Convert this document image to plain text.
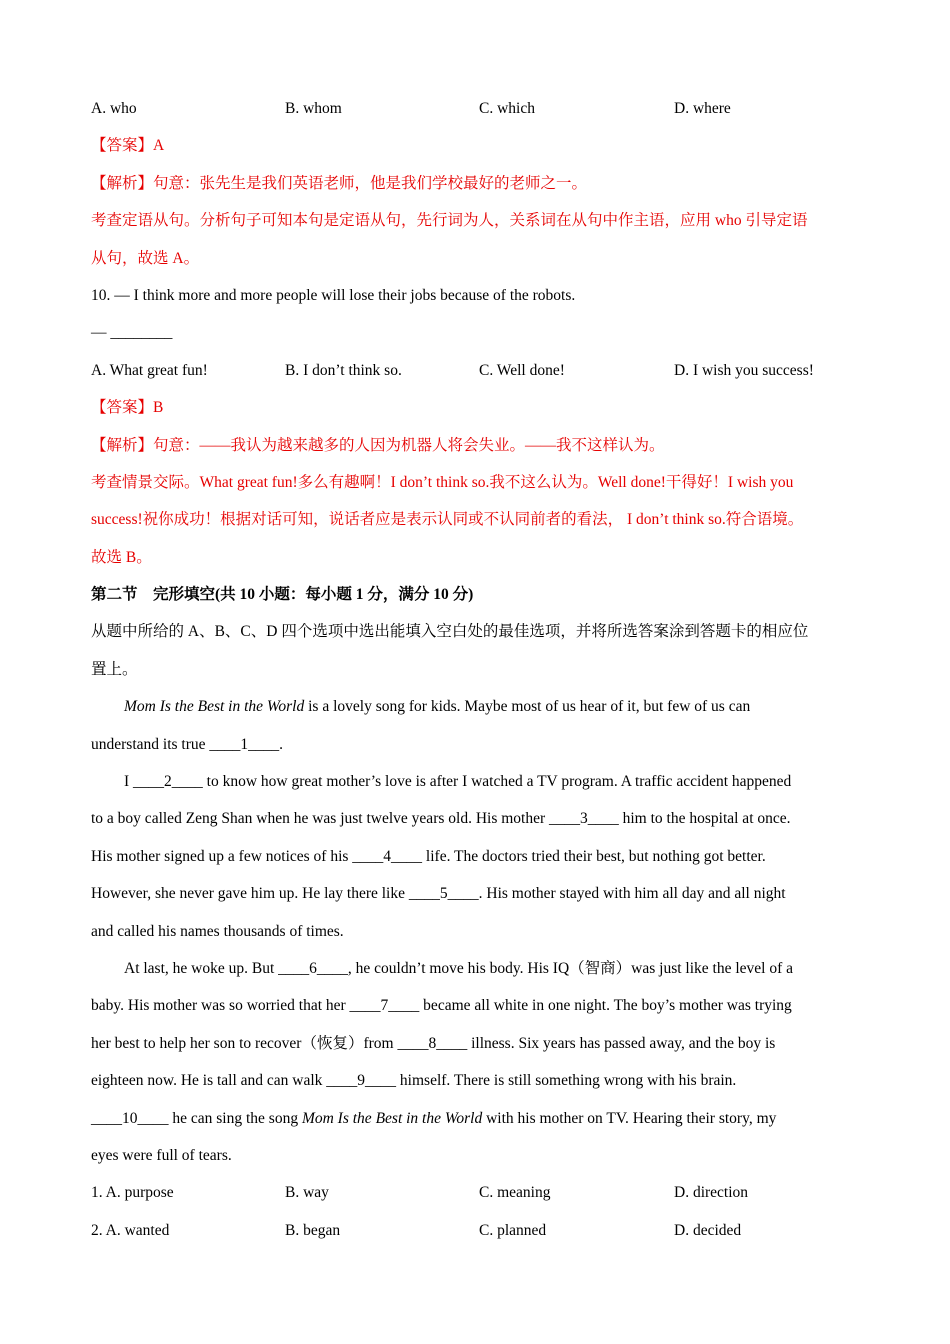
A. who	B. whom	C. which	D. where
【答案】A
【解析】句意：张先生是我们英语老师，他是我们学校最好的老师之一。
考查定语从句。分析句子可知本句是定语从句，先行词为人，关系词在从句中作主语，应用 who 引导定语
从句，故选 A。
10. — I think more and more people will lose their jobs because of the robots.
— ________
A. What great fun!	B. I don’t think so.	C. Well done!	D. I wish you success!
【答案】B
【解析】句意：——我认为越来越多的人因为机器人将会失业。——我不这样认为。
考查情景交际。What great fun!多么有趣啊！I don’t think so.我不这么认为。Well done!干得好！I wish you
success!祝你成功！根据对话可知，说话者应是表示认同或不认同前者的看法， I don’t think so.符合语境。
故选 B。
第二节　完形填空(共 10 小题：每小题 1 分，满分 10 分)
从题中所给的 A、B、C、D 四个选项中选出能填入空白处的最佳选项，并将所选答案涂到答题卡的相应位
置上。
Mom Is the Best in the World is a lovely song for kids. Maybe most of us hear of it, but few of us can
understand its true ____1____.
I ____2____ to know how great mother’s love is after I watched a TV program. A traffic accident happened
to a boy called Zeng Shan when he was just twelve years old. His mother ____3____ him to the hospital at once.
His mother signed up a few notices of his ____4____ life. The doctors tried their best, but nothing got better.
However, she never gave him up. He lay there like ____5____. His mother stayed with him all day and all night
and called his names thousands of times.
At last, he woke up. But ____6____, he couldn’t move his body. His IQ（智商）was just like the level of a
baby. His mother was so worried that her ____7____ became all white in one night. The boy’s mother was trying
her best to help her son to recover（恢复）from ____8____ illness. Six years has passed away, and the boy is
eighteen now. He is tall and can walk ____9____ himself. There is still something wrong with his brain.
____10____ he can sing the song Mom Is the Best in the World with his mother on TV. Hearing their story, my
eyes were full of tears.
1. A. purpose	B. way	C. meaning	D. direction
2. A. wanted	B. began	C. planned	D. decided
